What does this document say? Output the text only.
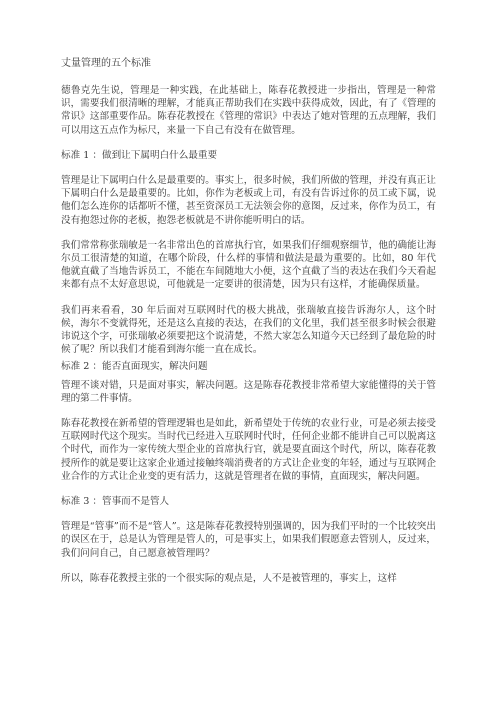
丈量管理的五个标准

德鲁克先生说，管理是一种实践，在此基础上，陈春花教授进一步指出，管理是一种常识，需要我们很清晰的理解，才能真正帮助我们在实践中获得成效，因此，有了《管理的常识》这部重要作品。陈春花教授在《管理的常识》中表达了她对管理的五点理解，我们可以用这五点作为标尺，来量一下自己有没有在做管理。

标准 1 ：做到让下属明白什么最重要

管理是让下属明白什么是最重要的。事实上，很多时候，我们所做的管理，并没有真正让下属明白什么是最重要的。比如，你作为老板或上司，有没有告诉过你的员工或下属，说他们怎么连你的话都听不懂，甚至资深员工无法领会你的意图，反过来，你作为员工，有没有抱怨过你的老板，抱怨老板就是不讲你能听明白的话。

我们常常称张瑞敏是一名非常出色的首席执行官，如果我们仔细观察细节，他的确能让海尔员工很清楚的知道，在哪个阶段，什么样的事情和做法是最为重要的。比如，80 年代他就直截了当地告诉员工，不能在车间随地大小便，这个直截了当的表达在我们今天看起来都有点不太好意思说，可他就是一定要讲的很清楚，因为只有这样，才能确保质量。

我们再来看看，30 年后面对互联网时代的极大挑战，张瑞敏直接告诉海尔人，这个时候，海尔不变就得死，还是这么直接的表达，在我们的文化里，我们甚至很多时候会很避讳说这个字，可张瑞敏必须要把这个说清楚，不然大家怎么知道今天已经到了最危险的时候了呢？所以我们才能看到海尔能一直在成长。

标准 2 ：能否直面现实，解决问题

管理不谈对错，只是面对事实，解决问题。这是陈春花教授非常希望大家能懂得的关于管理的第二件事情。

陈春花教授在新希望的管理逻辑也是如此，新希望处于传统的农业行业，可是必须去接受互联网时代这个现实。当时代已经进入互联网时代时，任何企业都不能讲自己可以脱离这个时代，而作为一家传统大型企业的首席执行官，就是要直面这个时代，所以，陈春花教授所作的就是要让这家企业通过接触终端消费者的方式让企业变的年轻，通过与互联网企业合作的方式让企业变的更有活力，这就是管理者在做的事情，直面现实，解决问题。

标准 3 ：管事而不是管人

管理是“管事”而不是“管人”。这是陈春花教授特别强调的，因为我们平时的一个比较突出的误区在于，总是认为管理是管人的，可是事实上，如果我们假愿意去管别人，反过来，我们问问自己，自己愿意被管理吗？

所以，陈春花教授主张的一个很实际的观点是，人不是被管理的，事实上，这样
